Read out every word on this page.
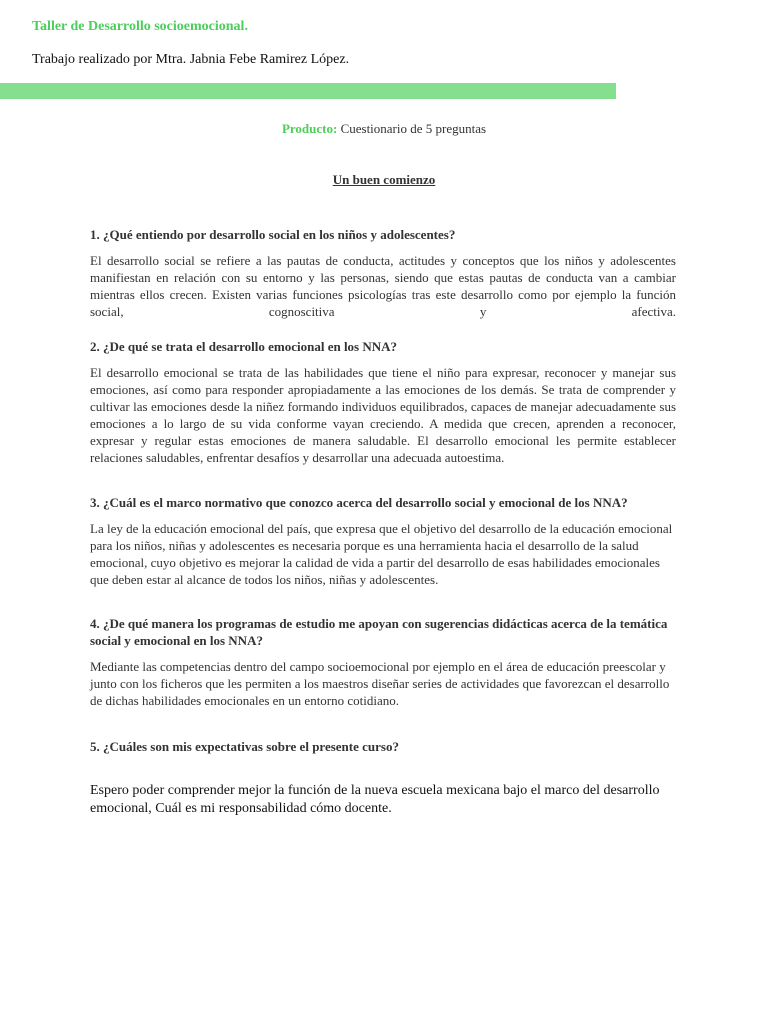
Taller de Desarrollo socioemocional.

Trabajo realizado por Mtra. Jabnia Febe Ramirez López.

Producto: Cuestionario de 5 preguntas

Un buen comienzo

1. ¿Qué entiendo por desarrollo social en los niños y adolescentes?

El desarrollo social se refiere a las pautas de conducta, actitudes y conceptos que los niños y adolescentes manifiestan en relación con su entorno y las personas, siendo que estas pautas de conducta van a cambiar mientras ellos crecen. Existen varias funciones psicologías tras este desarrollo como por ejemplo la función social, cognoscitiva y afectiva.

2. ¿De qué se trata el desarrollo emocional en los NNA?

El desarrollo emocional se trata de las habilidades que tiene el niño para expresar, reconocer y manejar sus emociones, así como para responder apropiadamente a las emociones de los demás. Se trata de comprender y cultivar las emociones desde la niñez formando individuos equilibrados, capaces de manejar adecuadamente sus emociones a lo largo de su vida conforme vayan creciendo. A medida que crecen, aprenden a reconocer, expresar y regular estas emociones de manera saludable. El desarrollo emocional les permite establecer relaciones saludables, enfrentar desafíos y desarrollar una adecuada autoestima.

3. ¿Cuál es el marco normativo que conozco acerca del desarrollo social y emocional de los NNA?

La ley de la educación emocional del país, que expresa que el objetivo del desarrollo de la educación emocional para los niños, niñas y adolescentes es necesaria porque es una herramienta hacia el desarrollo de la salud emocional, cuyo objetivo es mejorar la calidad de vida a partir del desarrollo de esas habilidades emocionales que deben estar al alcance de todos los niños, niñas y adolescentes.

4. ¿De qué manera los programas de estudio me apoyan con sugerencias didácticas acerca de la temática social y emocional en los NNA?

Mediante las competencias dentro del campo socioemocional por ejemplo en el área de educación preescolar y junto con los ficheros que les permiten a los maestros diseñar series de actividades que favorezcan el desarrollo de dichas habilidades emocionales en un entorno cotidiano.

5. ¿Cuáles son mis expectativas sobre el presente curso?

Espero poder comprender mejor la función de la nueva escuela mexicana bajo el marco del desarrollo emocional, Cuál es mi responsabilidad cómo docente.
